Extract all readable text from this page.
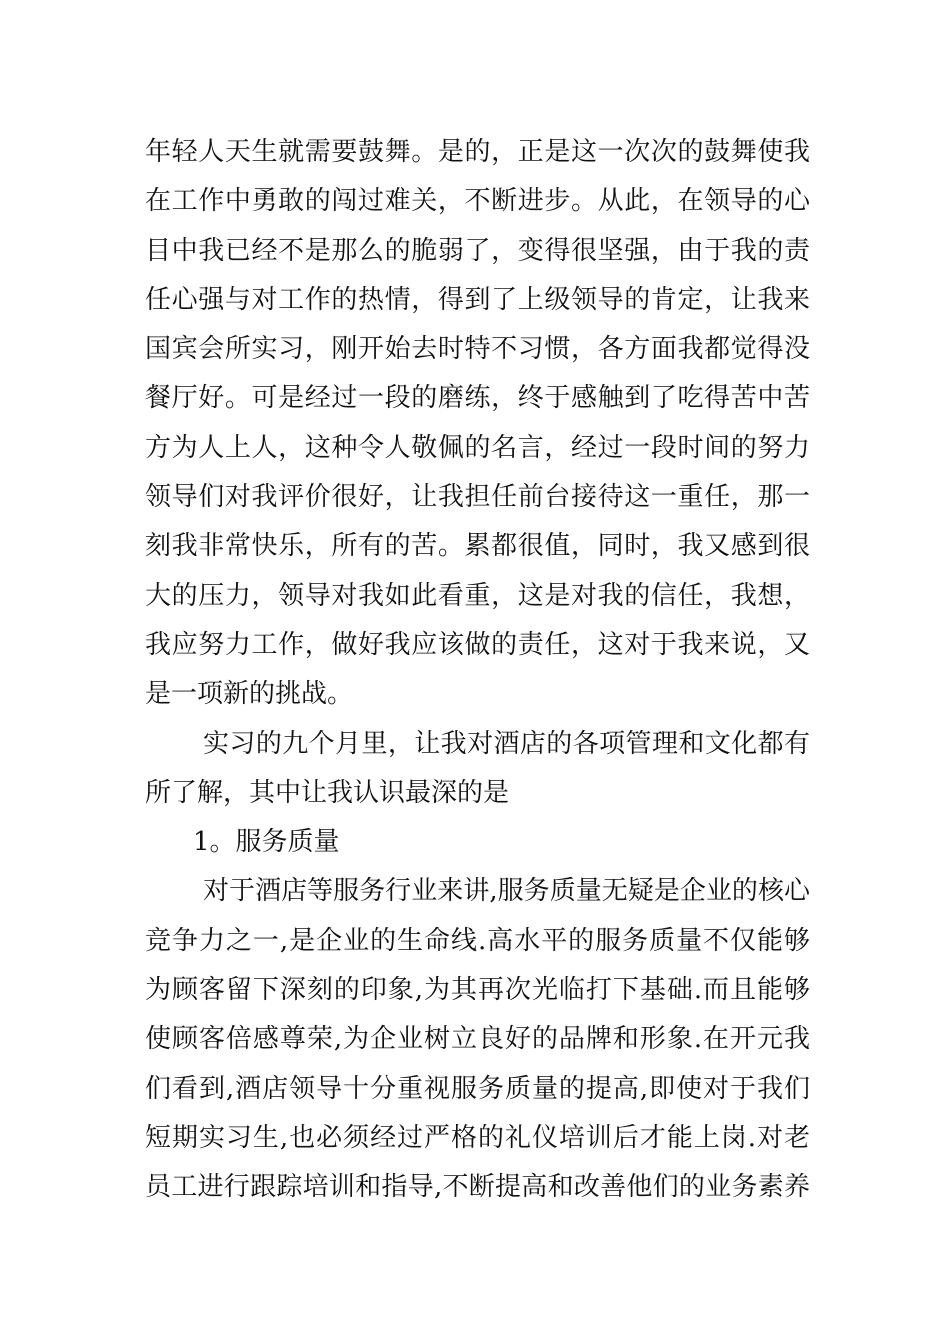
年轻人天生就需要鼓舞。是的，正是这一次次的鼓舞使我
在工作中勇敢的闯过难关，不断进步。从此，在领导的心
目中我已经不是那么的脆弱了，变得很坚强，由于我的责
任心强与对工作的热情，得到了上级领导的肯定，让我来
国宾会所实习，刚开始去时特不习惯，各方面我都觉得没
餐厅好。可是经过一段的磨练，终于感触到了吃得苦中苦
方为人上人，这种令人敬佩的名言，经过一段时间的努力
领导们对我评价很好，让我担任前台接待这一重任，那一
刻我非常快乐，所有的苦。累都很值，同时，我又感到很
大的压力，领导对我如此看重，这是对我的信任，我想，
我应努力工作，做好我应该做的责任，这对于我来说，又
是一项新的挑战。
实习的九个月里，让我对酒店的各项管理和文化都有
所了解，其中让我认识最深的是
1。服务质量
对于酒店等服务行业来讲,服务质量无疑是企业的核心
竞争力之一,是企业的生命线.高水平的服务质量不仅能够
为顾客留下深刻的印象,为其再次光临打下基础.而且能够
使顾客倍感尊荣,为企业树立良好的品牌和形象.在开元我
们看到,酒店领导十分重视服务质量的提高,即使对于我们
短期实习生,也必须经过严格的礼仪培训后才能上岗.对老
员工进行跟踪培训和指导,不断提高和改善他们的业务素养
